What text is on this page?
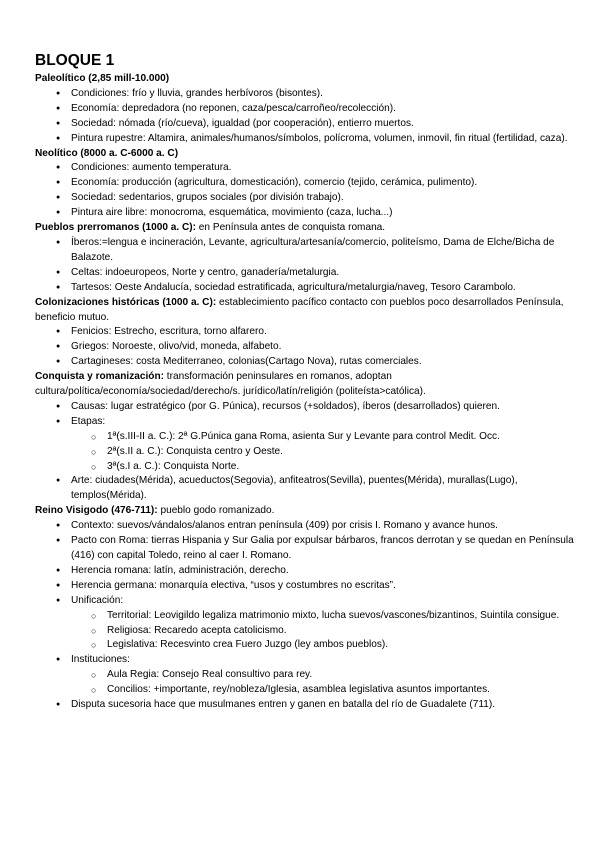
BLOQUE 1

Paleolítico (2,85 mill-10.000)

● Condiciones: frío y lluvia, grandes herbívoros (bisontes).
● Economía: depredadora (no reponen, caza/pesca/carroñeo/recolección).
● Sociedad: nómada (río/cueva), igualdad (por cooperación), entierro muertos.
● Pintura rupestre: Altamira, animales/humanos/símbolos, polícroma, volumen, inmovil, fin ritual (fertilidad, caza).

Neolítico (8000 a. C-6000 a. C)

● Condiciones: aumento temperatura.
● Economía: producción (agricultura, domesticación), comercio (tejido, cerámica, pulimento).
● Sociedad: sedentarios, grupos sociales (por división trabajo).
● Pintura aire libre: monocroma, esquemática, movimiento (caza, lucha...)

Pueblos prerromanos (1000 a. C): en Península antes de conquista romana.

● Íberos:=lengua e incineración, Levante, agricultura/artesanía/comercio, politeísmo, Dama de Elche/Bicha de Balazote.
● Celtas: indoeuropeos, Norte y centro, ganadería/metalurgia.
● Tartesos: Oeste Andalucía, sociedad estratificada, agricultura/metalurgia/naveg, Tesoro Carambolo.

Colonizaciones históricas (1000 a. C): establecimiento pacífico contacto con pueblos poco desarrollados Península, beneficio mutuo.

● Fenicios: Estrecho, escritura, torno alfarero.
● Griegos: Noroeste, olivo/vid, moneda, alfabeto.
● Cartagineses: costa Mediterraneo, colonias(Cartago Nova), rutas comerciales.

Conquista y romanización: transformación peninsulares en romanos, adoptan cultura/política/economía/sociedad/derecho/s. jurídico/latín/religión (politeísta>católica).

● Causas: lugar estratégico (por G. Púnica), recursos (+soldados), íberos (desarrollados) quieren.
● Etapas:
○ 1ª(s.III-II a. C.): 2ª G.Púnica gana Roma, asienta Sur y Levante para control Medit. Occ.
○ 2ª(s.II a. C.): Conquista centro y Oeste.
○ 3ª(s.I a. C.): Conquista Norte.
● Arte: ciudades(Mérida), acueductos(Segovia), anfiteatros(Sevilla), puentes(Mérida), murallas(Lugo), templos(Mérida).

Reino Visigodo (476-711): pueblo godo romanizado.

● Contexto: suevos/vándalos/alanos entran península (409) por crisis I. Romano y avance hunos.
● Pacto con Roma: tierras Hispania y Sur Galia por expulsar bárbaros, francos derrotan y se quedan en Península (416) con capital Toledo, reino al caer I. Romano.
● Herencia romana: latín, administración, derecho.
● Herencia germana: monarquía electiva, “usos y costumbres no escritas”.
● Unificación:
○ Territorial: Leovigildo legaliza matrimonio mixto, lucha suevos/vascones/bizantinos, Suintila consigue.
○ Religiosa: Recaredo acepta catolicismo.
○ Legislativa: Recesvinto crea Fuero Juzgo (ley ambos pueblos).
● Instituciones:
○ Aula Regia: Consejo Real consultivo para rey.
○ Concilios: +importante, rey/nobleza/Iglesia, asamblea legislativa asuntos importantes.
● Disputa sucesoria hace que musulmanes entren y ganen en batalla del río de Guadalete (711).
